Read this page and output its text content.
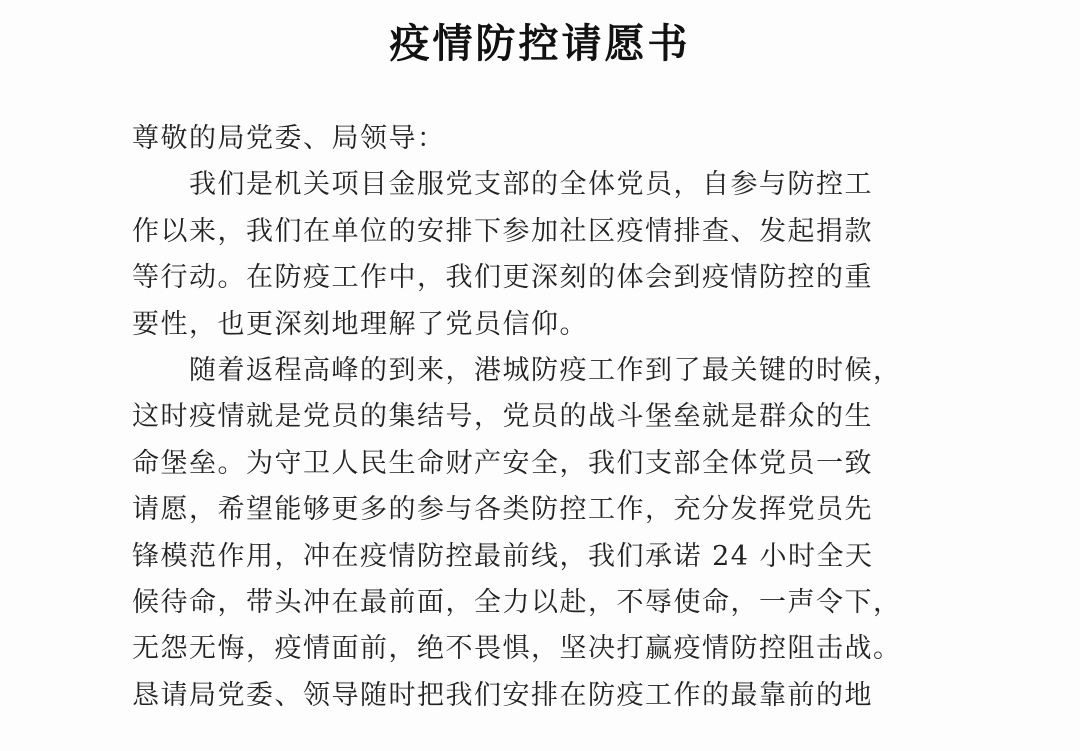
疫情防控请愿书
尊敬的局党委、局领导：
　　我们是机关项目金服党支部的全体党员，自参与防控工
作以来，我们在单位的安排下参加社区疫情排查、发起捐款
等行动。在防疫工作中，我们更深刻的体会到疫情防控的重
要性，也更深刻地理解了党员信仰。
　　随着返程高峰的到来，港城防疫工作到了最关键的时候，
这时疫情就是党员的集结号，党员的战斗堡垒就是群众的生
命堡垒。为守卫人民生命财产安全，我们支部全体党员一致
请愿，希望能够更多的参与各类防控工作，充分发挥党员先
锋模范作用，冲在疫情防控最前线，我们承诺 24 小时全天
候待命，带头冲在最前面，全力以赴，不辱使命，一声令下，
无怨无悔，疫情面前，绝不畏惧，坚决打赢疫情防控阻击战。
恳请局党委、领导随时把我们安排在防疫工作的最靠前的地
